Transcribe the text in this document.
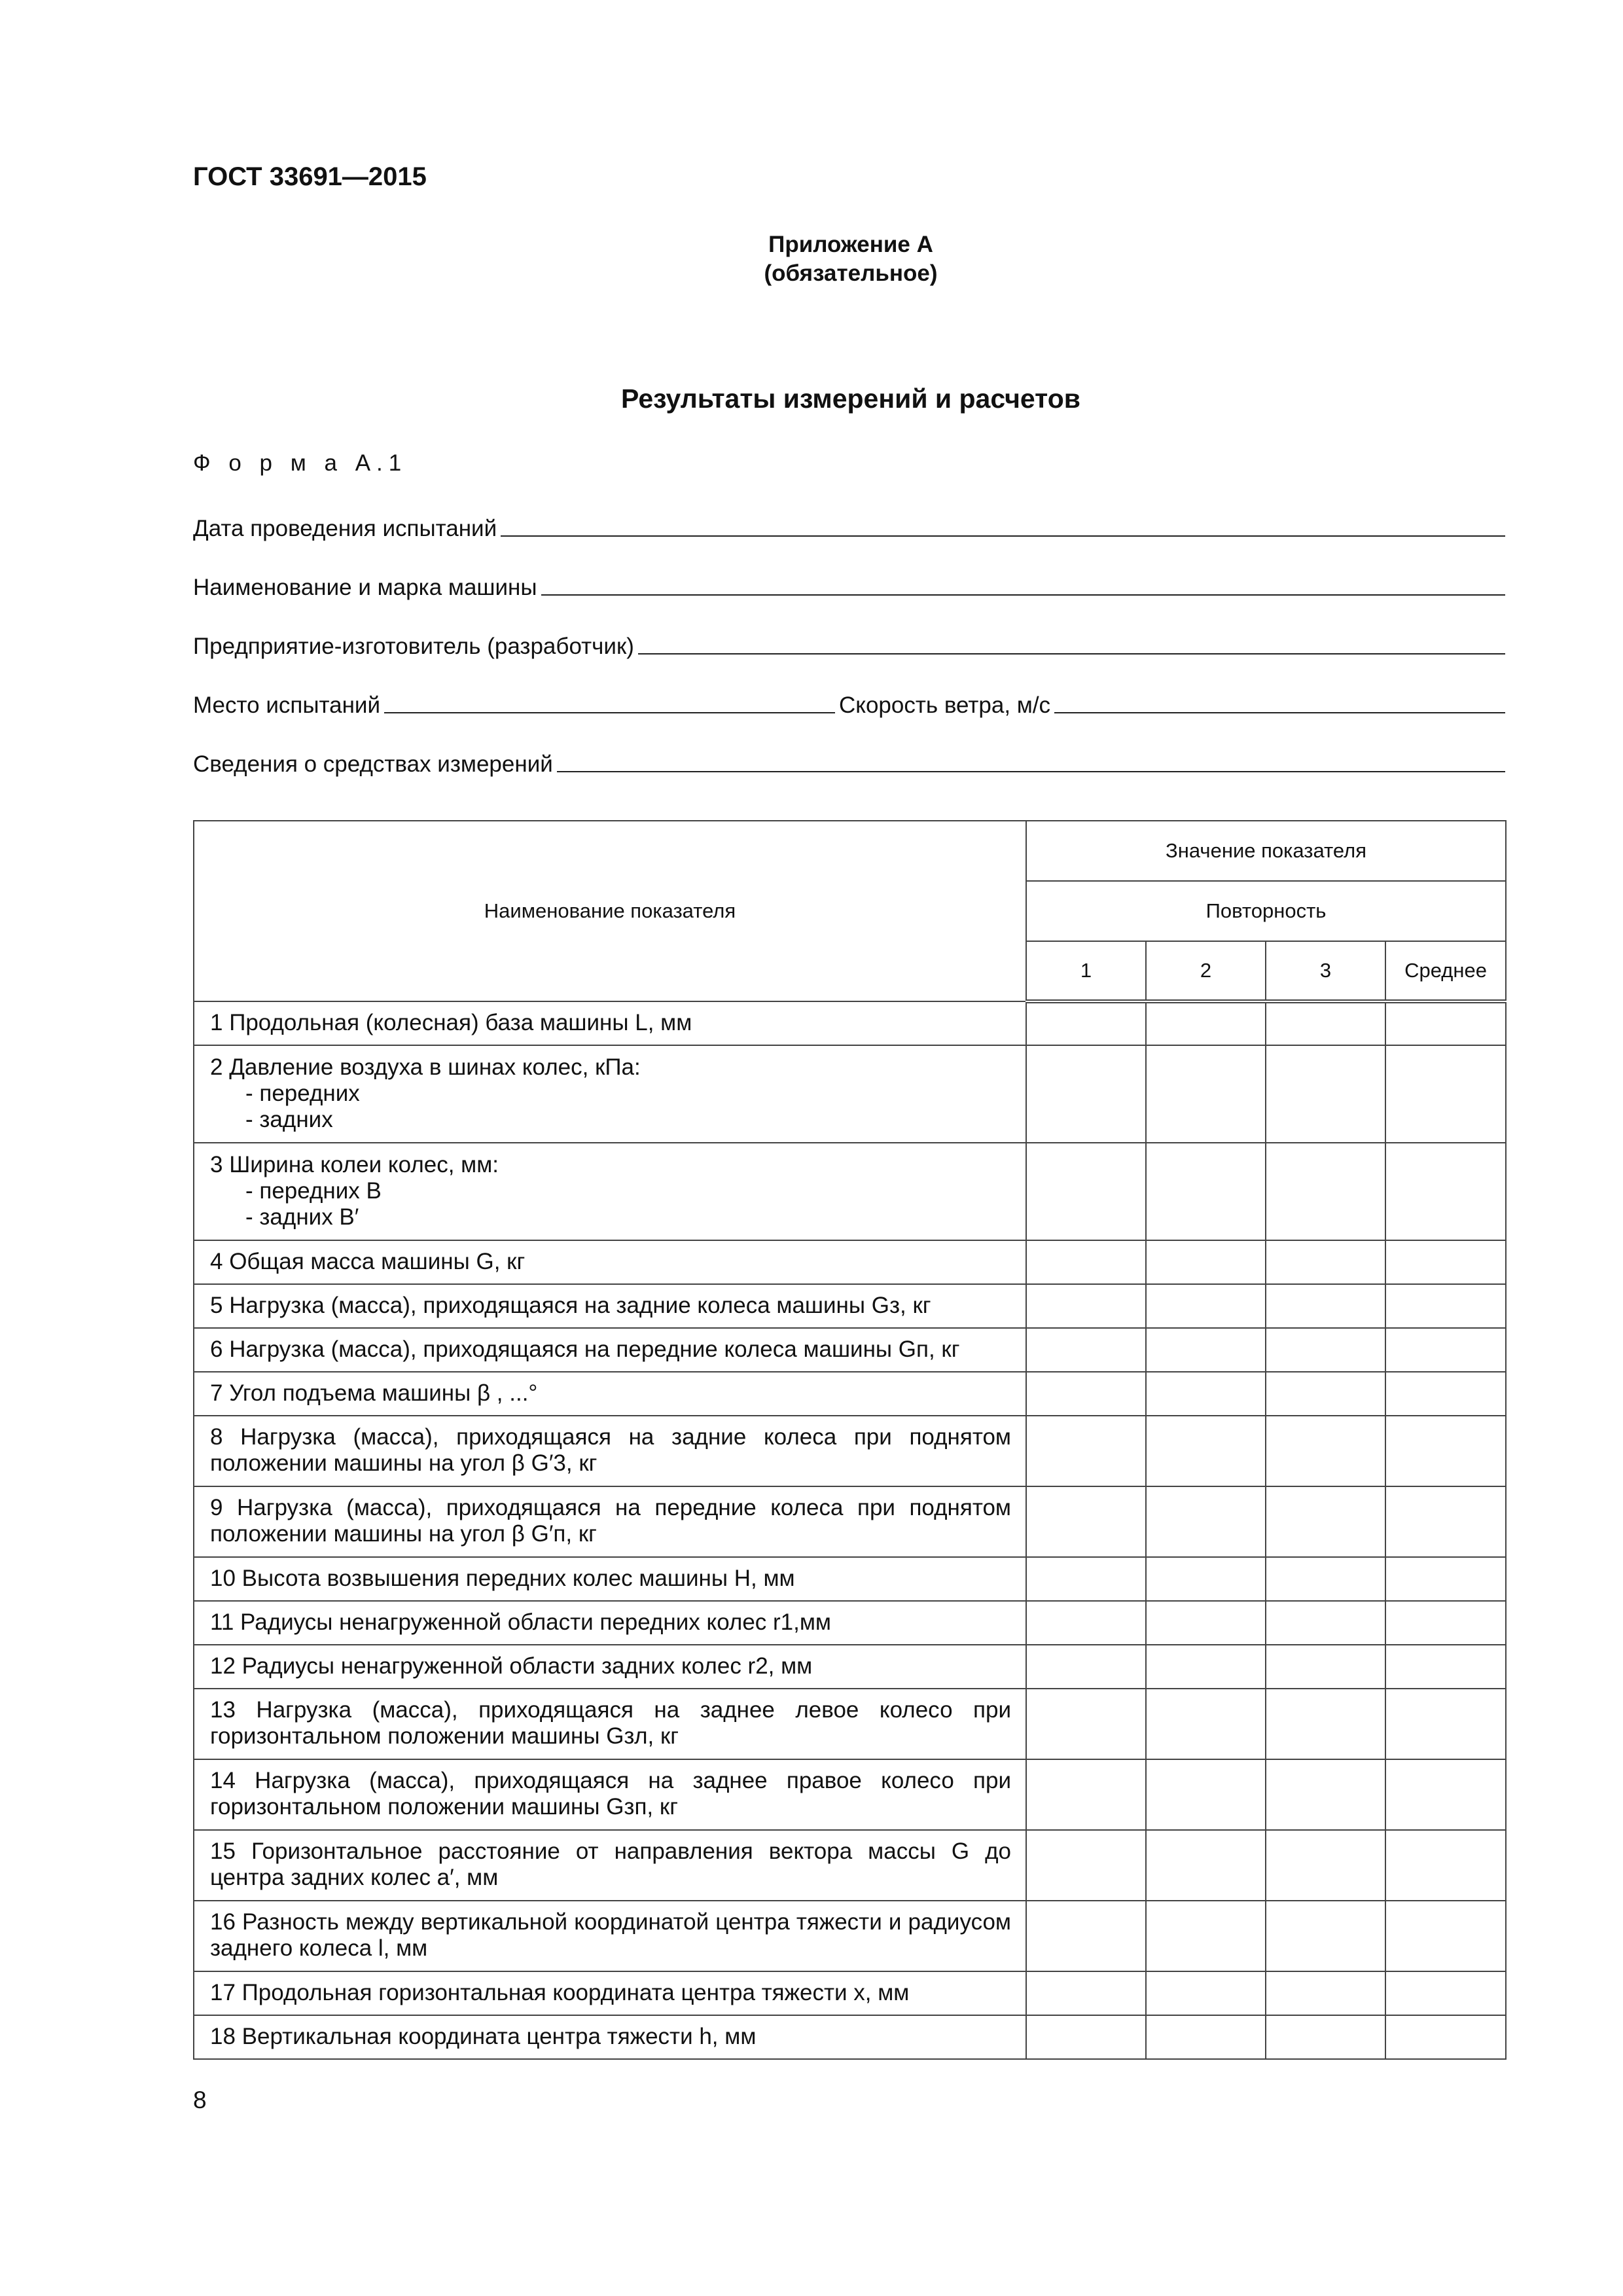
ГОСТ 33691—2015
Приложение А
(обязательное)
Результаты измерений и расчетов
Ф о р м а А.1
Дата проведения испытаний
Наименование и марка машины
Предприятие-изготовитель (разработчик)
Место испытаний	Скорость ветра, м/с
Сведения о средствах измерений
Наименование показателя	Значение показателя			
	Повторность			
	1	2	3	Среднее

1 Продольная (колесная) база машины L, мм				

2 Давление воздуха в шинах колес, кПа:
- передних
- задних				

3 Ширина колеи колес, мм:
- передних B
- задних B′				

4 Общая масса машины G, кг				

5 Нагрузка (масса), приходящаяся на задние колеса машины Gз, кг				

6 Нагрузка (масса), приходящаяся на передние колеса машины Gп, кг				

7 Угол подъема машины β , ...°				

8 Нагрузка (масса), приходящаяся на задние колеса при поднятом положении машины на угол β G′3, кг				

9 Нагрузка (масса), приходящаяся на передние колеса при поднятом положении машины на угол β G′п, кг				

10 Высота возвышения передних колес машины H, мм				

11 Радиусы ненагруженной области передних колес r1,мм				

12 Радиусы ненагруженной области задних колес r2, мм				

13 Нагрузка (масса), приходящаяся на заднее левое колесо при горизонтальном положении машины Gзл, кг				

14 Нагрузка (масса), приходящаяся на заднее правое колесо при горизонтальном положении машины Gзп, кг				

15 Горизонтальное расстояние от направления вектора массы G до центра задних колес a′, мм				

16 Разность между вертикальной координатой центра тяжести и радиусом заднего колеса l, мм				

17 Продольная горизонтальная координата центра тяжести x, мм				

18 Вертикальная координата центра тяжести h, мм				

8
